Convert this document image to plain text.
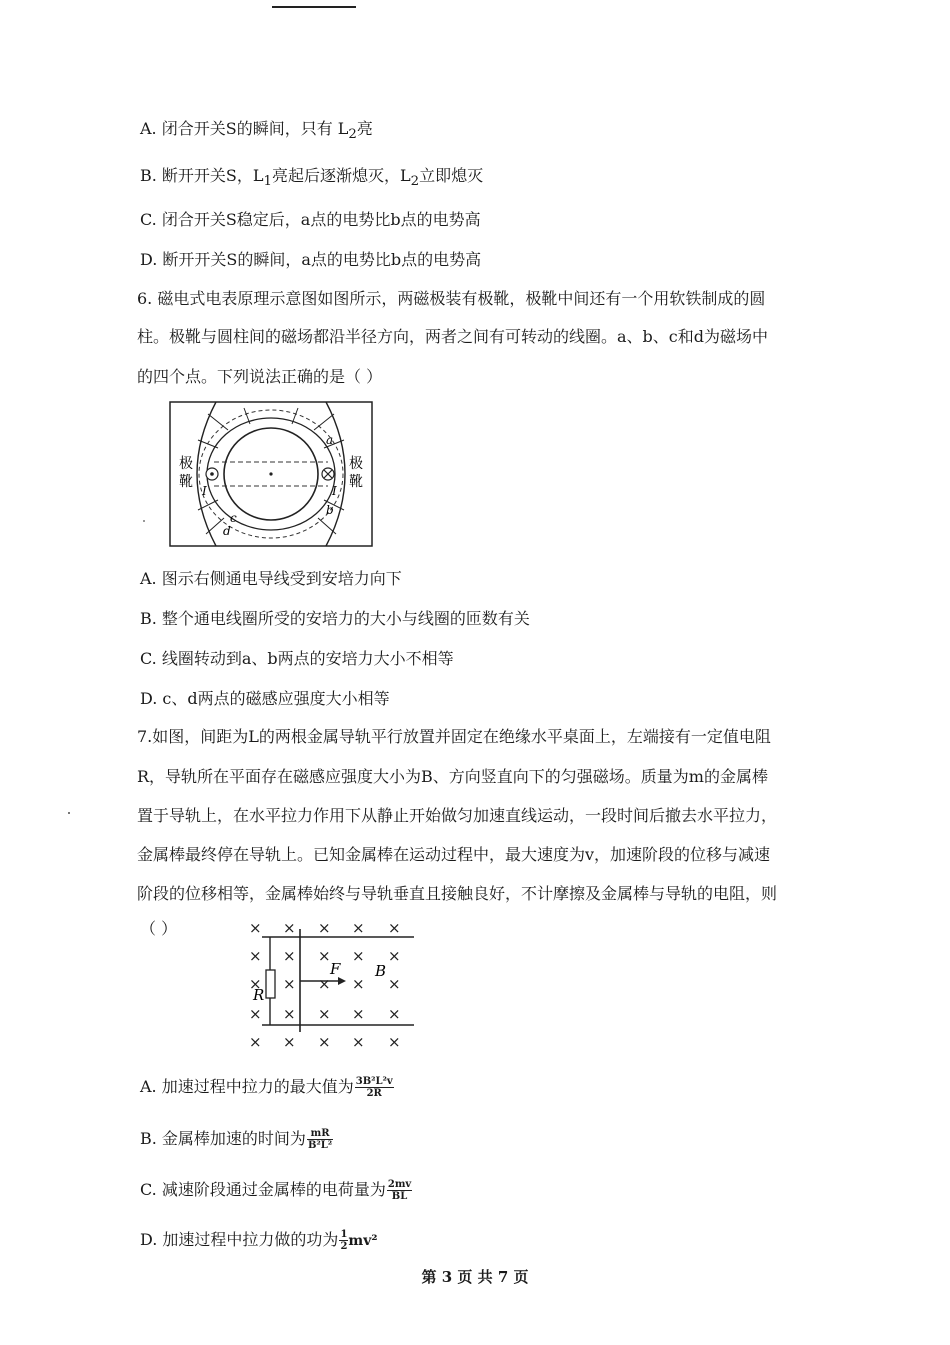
A. 闭合开关S的瞬间，只有 $L_2$亮
B. 断开开关S，$L_1$亮起后逐渐熄灭，$L_2$立即熄灭
C. 闭合开关S稳定后，a点的电势比b点的电势高
D. 断开开关S的瞬间，a点的电势比b点的电势高
6. 磁电式电表原理示意图如图所示，两磁极装有极靴，极靴中间还有一个用软铁制成的圆
柱。极靴与圆柱间的磁场都沿半径方向，两者之间有可转动的线圈。a、b、c和d为磁场中
的四个点。下列说法正确的是（ ）
极
靴
极
靴
a
b
c
d
I	I
A. 图示右侧通电导线受到安培力向下
B. 整个通电线圈所受的安培力的大小与线圈的匝数有关
C. 线圈转动到a、b两点的安培力大小不相等
D. c、d两点的磁感应强度大小相等
7.如图，间距为L的两根金属导轨平行放置并固定在绝缘水平桌面上，左端接有一定值电阻
R，导轨所在平面存在磁感应强度大小为B、方向竖直向下的匀强磁场。质量为m的金属棒
置于导轨上，在水平拉力作用下从静止开始做匀加速直线运动，一段时间后撤去水平拉力，
金属棒最终停在导轨上。已知金属棒在运动过程中，最大速度为v，加速阶段的位移与减速
阶段的位移相等，金属棒始终与导轨垂直且接触良好，不计摩擦及金属棒与导轨的电阻，则
（ ）	× × × × ×
× × × × ×
× × × × ×
× × × × ×
× × × × ×
R
F B
A. 加速过程中拉力的最大值为 $\frac{\text{3B²L²v}}{2R}$
B. 金属棒加速的时间为 $\frac{mR}{\text{B²L²}}$
C. 减速阶段通过金属棒的电荷量为 $\frac{2mv}{BL}$
D. 加速过程中拉力做的功为 $\frac{1}{2} mv^2$
第 3 页 共 7 页
